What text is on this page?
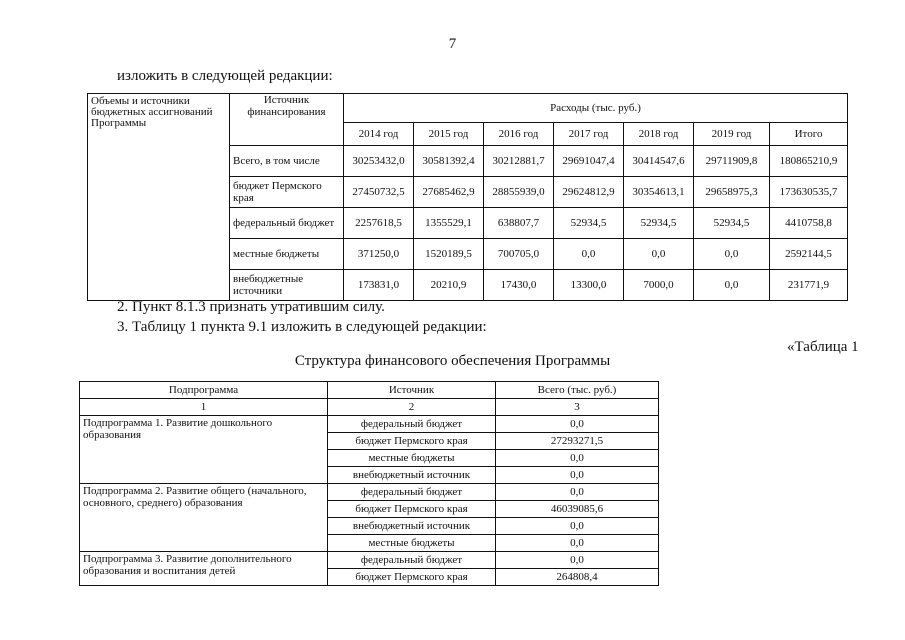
7
изложить в следующей редакции:
Объемы и источники бюджетных ассигнований Программы	Источник финансирования	Расходы (тыс. руб.)						
		2014 год	2015 год	2016 год	2017 год	2018 год	2019 год	Итого
	Всего, в том числе	30253432,0	30581392,4	30212881,7	29691047,4	30414547,6	29711909,8	180865210,9
	бюджет Пермского края	27450732,5	27685462,9	28855939,0	29624812,9	30354613,1	29658975,3	173630535,7
	федеральный бюджет	2257618,5	1355529,1	638807,7	52934,5	52934,5	52934,5	4410758,8
	местные бюджеты	371250,0	1520189,5	700705,0	0,0	0,0	0,0	2592144,5
	внебюджетные источники	173831,0	20210,9	17430,0	13300,0	7000,0	0,0	231771,9
2. Пункт 8.1.3 признать утратившим силу.
3. Таблицу 1 пункта 9.1 изложить в следующей редакции:
«Таблица 1
Структура финансового обеспечения Программы
Подпрограмма	Источник	Всего (тыс. руб.)
1	2	3
Подпрограмма 1. Развитие дошкольного образования	федеральный бюджет	0,0
	бюджет Пермского края	27293271,5
	местные бюджеты	0,0
	внебюджетный источник	0,0
Подпрограмма 2. Развитие общего (начального, основного, среднего) образования	федеральный бюджет	0,0
	бюджет Пермского края	46039085,6
	внебюджетный источник	0,0
	местные бюджеты	0,0
Подпрограмма 3. Развитие дополнительного образования и воспитания детей	федеральный бюджет	0,0
	бюджет Пермского края	264808,4
